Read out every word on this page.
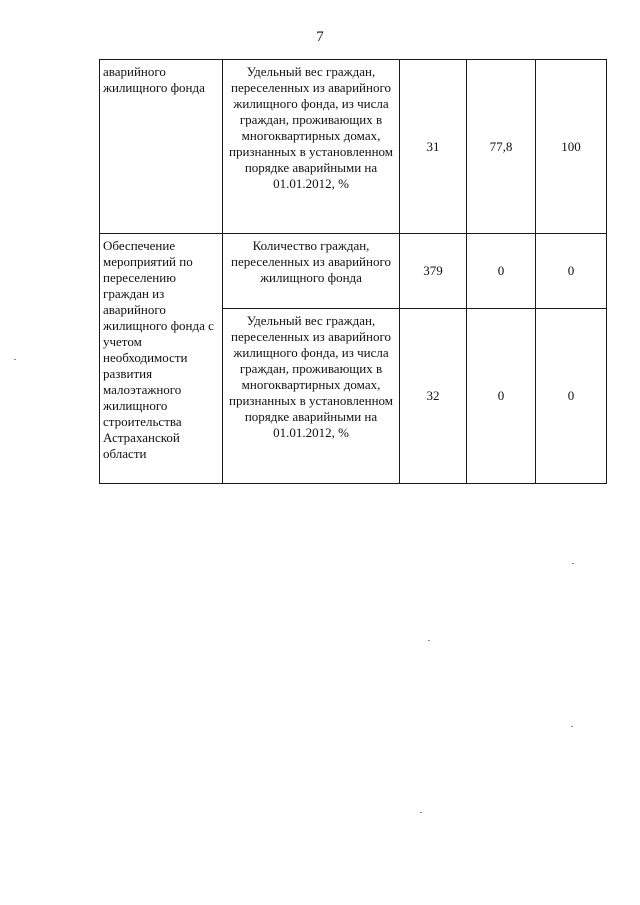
7
аварийного жилищного фонда	Удельный вес граждан, переселенных из аварийного жилищного фонда, из числа граждан, проживающих в многоквартирных домах, признанных в установленном порядке аварийными на 01.01.2012, %	31	77,8	100
Обеспечение мероприятий по переселению граждан из аварийного жилищного фонда с учетом необходимости развития малоэтажного жилищного строительства Астраханской области	Количество граждан, переселенных из аварийного жилищного фонда	379	0	0
	Удельный вес граждан, переселенных из аварийного жилищного фонда, из числа граждан, проживающих в многоквартирных домах, признанных в установленном порядке аварийными на 01.01.2012, %	32	0	0
